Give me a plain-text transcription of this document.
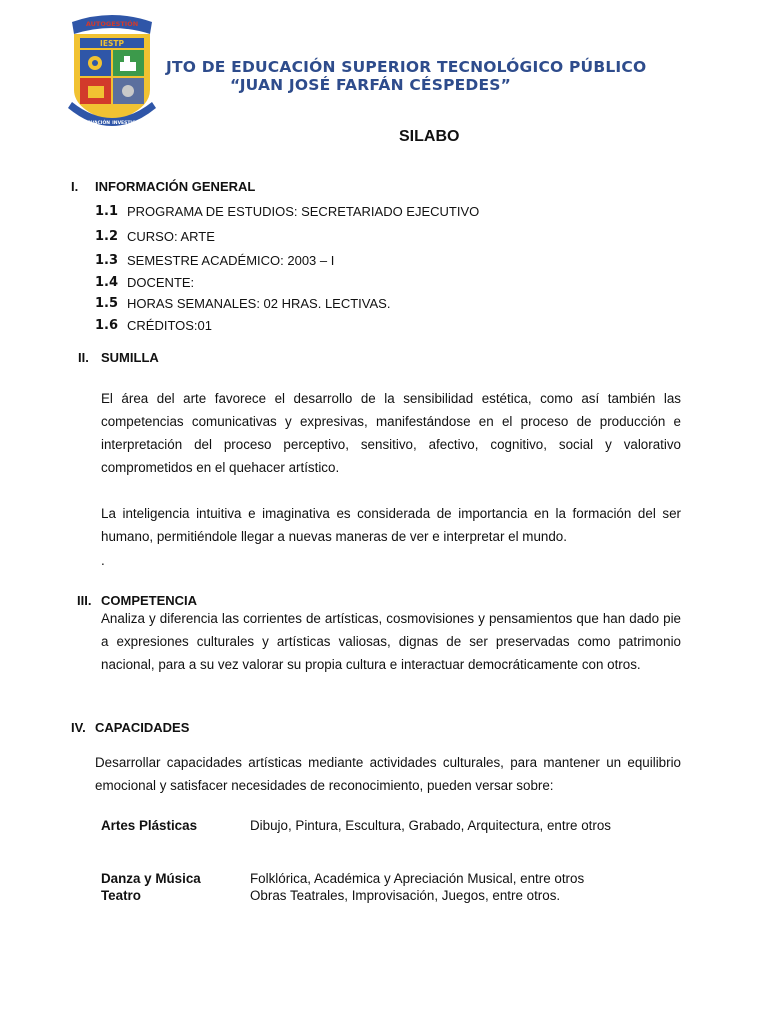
AUTOGESTIÓN
IESTP
INNOVACIÓN INVESTIGACIÓN
JTO DE EDUCACIÓN SUPERIOR TECNOLÓGICO PÚBLICO
“JUAN JOSÉ FARFÁN CÉSPEDES”
SILABO
I. INFORMACIÓN GENERAL
1.1 PROGRAMA DE ESTUDIOS: SECRETARIADO EJECUTIVO
1.2 CURSO: ARTE
1.3 SEMESTRE ACADÉMICO: 2003 – I
1.4 DOCENTE:
1.5 HORAS SEMANALES: 02 HRAS. LECTIVAS.
1.6 CRÉDITOS:01
II. SUMILLA
El área del arte favorece el desarrollo de la sensibilidad estética, como así también las competencias comunicativas y expresivas, manifestándose en el proceso de producción e interpretación del proceso perceptivo, sensitivo, afectivo, cognitivo, social y valorativo comprometidos en el quehacer artístico.
La inteligencia intuitiva e imaginativa es considerada de importancia en la formación del ser humano, permitiéndole llegar a nuevas maneras de ver e interpretar el mundo.
.
III. COMPETENCIA
Analiza y diferencia las corrientes de artísticas, cosmovisiones y pensamientos que han dado pie a expresiones culturales y artísticas valiosas, dignas de ser preservadas como patrimonio nacional, para a su vez valorar su propia cultura e interactuar democráticamente con otros.
IV. CAPACIDADES
Desarrollar capacidades artísticas mediante actividades culturales, para mantener un equilibrio emocional y satisfacer necesidades de reconocimiento, pueden versar sobre:
Artes Plásticas	Dibujo, Pintura, Escultura, Grabado, Arquitectura, entre otros
Danza y Música	Folklórica, Académica y Apreciación Musical, entre otros
Teatro	Obras Teatrales, Improvisación, Juegos, entre otros.
